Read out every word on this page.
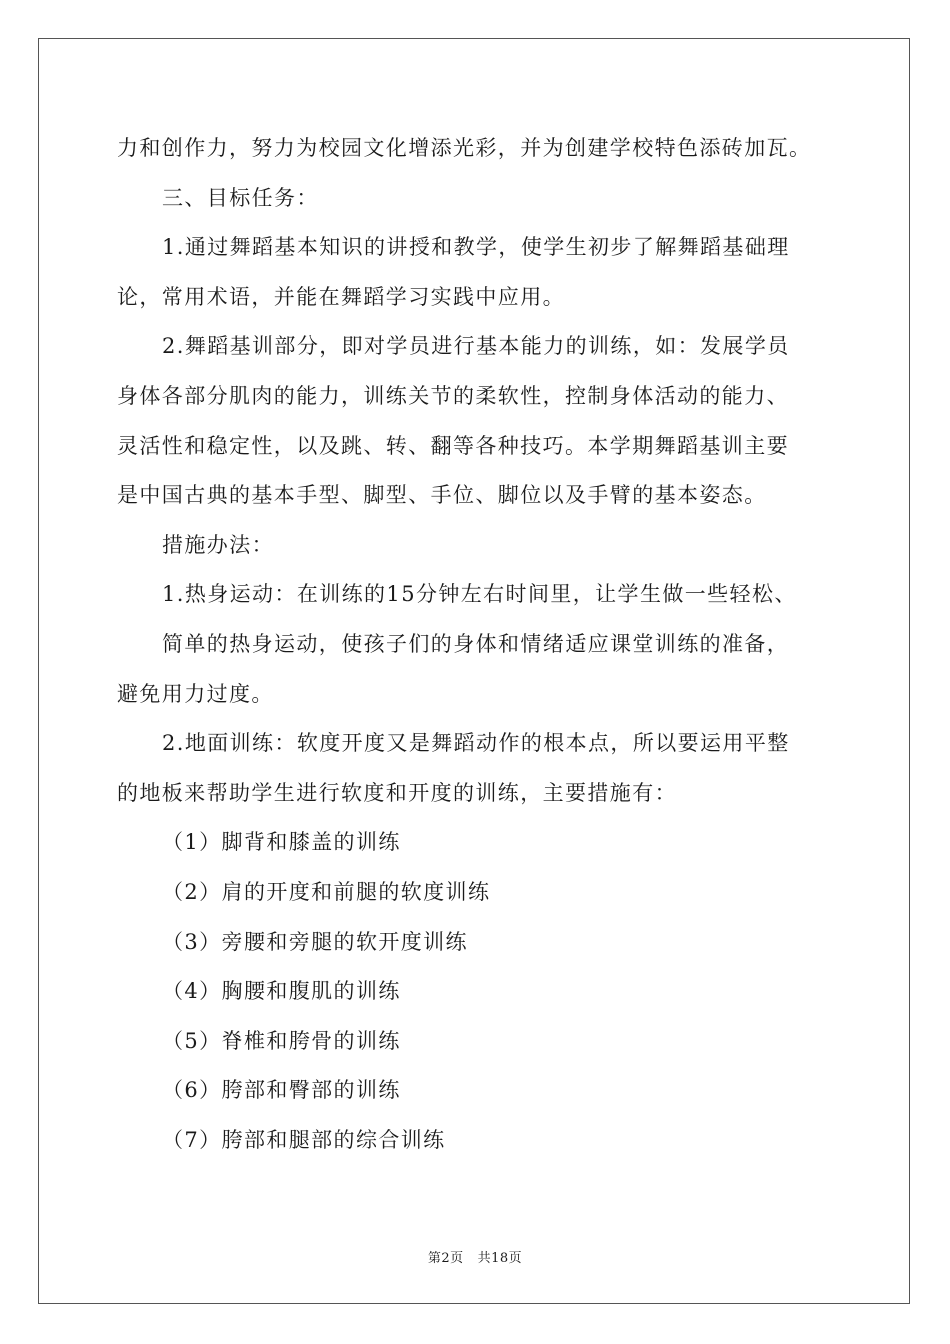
力和创作力，努力为校园文化增添光彩，并为创建学校特色添砖加瓦。
三、目标任务：
1.通过舞蹈基本知识的讲授和教学，使学生初步了解舞蹈基础理
论，常用术语，并能在舞蹈学习实践中应用。
2.舞蹈基训部分，即对学员进行基本能力的训练，如：发展学员
身体各部分肌肉的能力，训练关节的柔软性，控制身体活动的能力、
灵活性和稳定性，以及跳、转、翻等各种技巧。本学期舞蹈基训主要
是中国古典的基本手型、脚型、手位、脚位以及手臂的基本姿态。
措施办法：
1.热身运动：在训练的15分钟左右时间里，让学生做一些轻松、
简单的热身运动，使孩子们的身体和情绪适应课堂训练的准备，
避免用力过度。
2.地面训练：软度开度又是舞蹈动作的根本点，所以要运用平整
的地板来帮助学生进行软度和开度的训练，主要措施有：
（1）脚背和膝盖的训练
（2）肩的开度和前腿的软度训练
（3）旁腰和旁腿的软开度训练
（4）胸腰和腹肌的训练
（5）脊椎和胯骨的训练
（6）胯部和臀部的训练
（7）胯部和腿部的综合训练
第2页 共18页
